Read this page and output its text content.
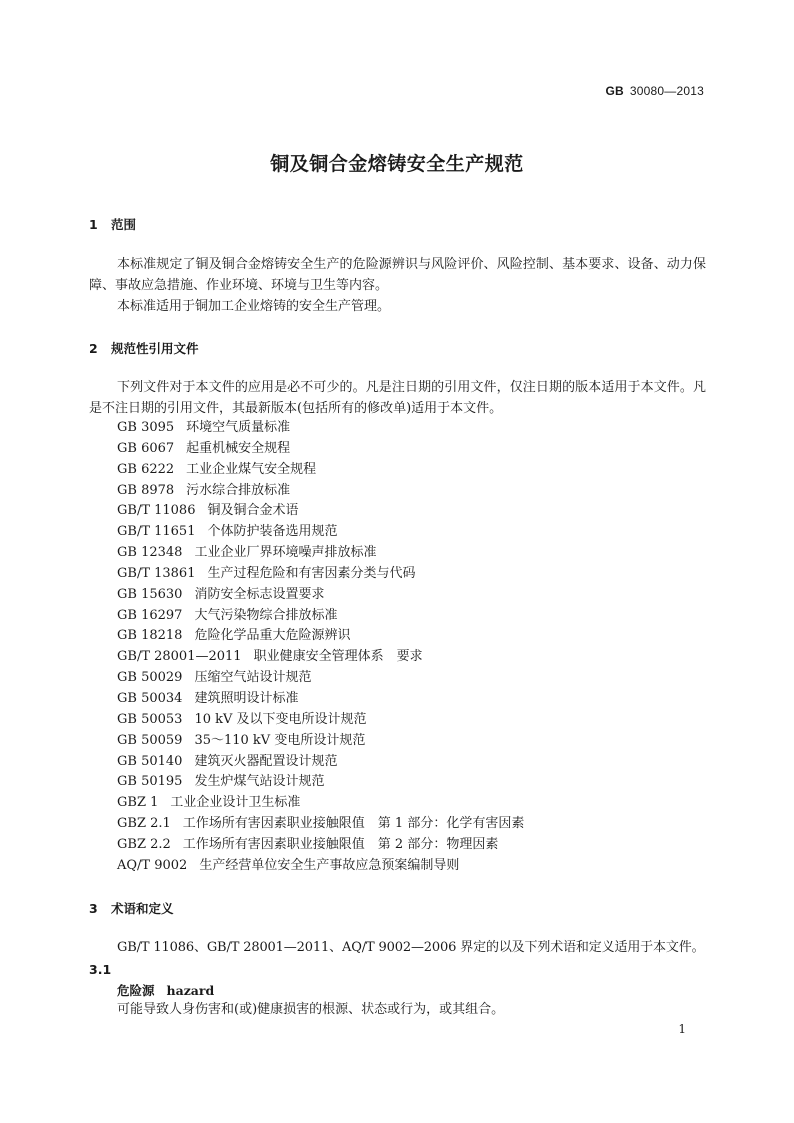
GB 30080—2013
铜及铜合金熔铸安全生产规范
1 范围

本标准规定了铜及铜合金熔铸安全生产的危险源辨识与风险评价、风险控制、基本要求、设备、动力保障、事故应急措施、作业环境、环境与卫生等内容。

本标准适用于铜加工企业熔铸的安全生产管理。

2 规范性引用文件

下列文件对于本文件的应用是必不可少的。凡是注日期的引用文件，仅注日期的版本适用于本文件。凡是不注日期的引用文件，其最新版本(包括所有的修改单)适用于本文件。

GB 3095 环境空气质量标准
GB 6067 起重机械安全规程
GB 6222 工业企业煤气安全规程
GB 8978 污水综合排放标准
GB/T 11086 铜及铜合金术语
GB/T 11651 个体防护装备选用规范
GB 12348 工业企业厂界环境噪声排放标准
GB/T 13861 生产过程危险和有害因素分类与代码
GB 15630 消防安全标志设置要求
GB 16297 大气污染物综合排放标准
GB 18218 危险化学品重大危险源辨识
GB/T 28001—2011 职业健康安全管理体系　要求
GB 50029 压缩空气站设计规范
GB 50034 建筑照明设计标准
GB 50053 10 kV 及以下变电所设计规范
GB 50059 35～110 kV 变电所设计规范
GB 50140 建筑灭火器配置设计规范
GB 50195 发生炉煤气站设计规范
GBZ 1 工业企业设计卫生标准
GBZ 2.1 工作场所有害因素职业接触限值　第 1 部分：化学有害因素
GBZ 2.2 工作场所有害因素职业接触限值　第 2 部分：物理因素
AQ/T 9002 生产经营单位安全生产事故应急预案编制导则
3 术语和定义

GB/T 11086、GB/T 28001—2011、AQ/T 9002—2006 界定的以及下列术语和定义适用于本文件。

3.1
危险源 hazard
可能导致人身伤害和(或)健康损害的根源、状态或行为，或其组合。
1
